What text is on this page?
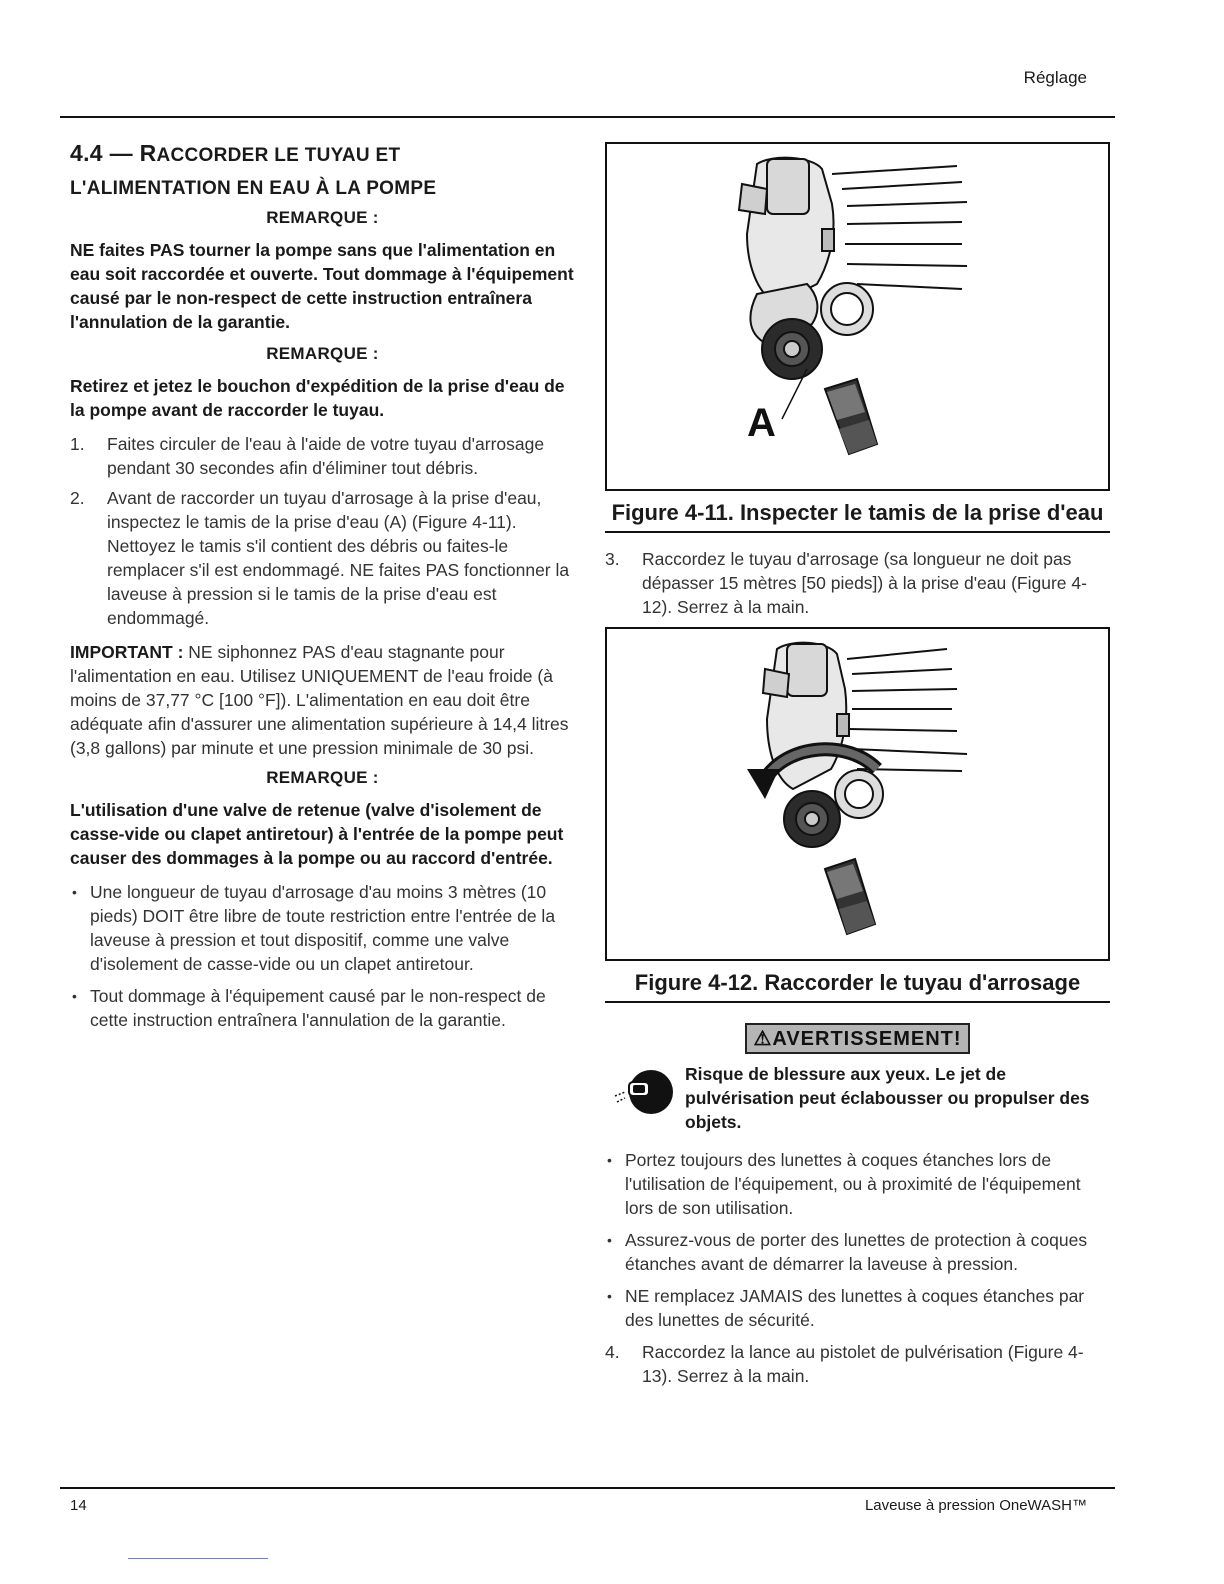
Réglage
4.4 — RACCORDER LE TUYAU ET
L'ALIMENTATION EN EAU À LA POMPE
REMARQUE :

NE faites PAS tourner la pompe sans que l'alimentation en eau soit raccordée et ouverte. Tout dommage à l'équipement causé par le non-respect de cette instruction entraînera l'annulation de la garantie.

REMARQUE :

Retirez et jetez le bouchon d'expédition de la prise d'eau de la pompe avant de raccorder le tuyau.

1. Faites circuler de l'eau à l'aide de votre tuyau d'arrosage pendant 30 secondes afin d'éliminer tout débris.
2. Avant de raccorder un tuyau d'arrosage à la prise d'eau, inspectez le tamis de la prise d'eau (A) (Figure 4-11). Nettoyez le tamis s'il contient des débris ou faites-le remplacer s'il est endommagé. NE faites PAS fonctionner la laveuse à pression si le tamis de la prise d'eau est endommagé.

IMPORTANT : NE siphonnez PAS d'eau stagnante pour l'alimentation en eau. Utilisez UNIQUEMENT de l'eau froide (à moins de 37,77 °C [100 °F]). L'alimentation en eau doit être adéquate afin d'assurer une alimentation supérieure à 14,4 litres (3,8 gallons) par minute et une pression minimale de 30 psi.

REMARQUE :

L'utilisation d'une valve de retenue (valve d'isolement de casse-vide ou clapet antiretour) à l'entrée de la pompe peut causer des dommages à la pompe ou au raccord d'entrée.

• Une longueur de tuyau d'arrosage d'au moins 3 mètres (10 pieds) DOIT être libre de toute restriction entre l'entrée de la laveuse à pression et tout dispositif, comme une valve d'isolement de casse-vide ou un clapet antiretour.
• Tout dommage à l'équipement causé par le non-respect de cette instruction entraînera l'annulation de la garantie.
A
Figure 4-11. Inspecter le tamis de la prise d'eau
3. Raccordez le tuyau d'arrosage (sa longueur ne doit pas dépasser 15 mètres [50 pieds]) à la prise d'eau (Figure 4-12). Serrez à la main.
Figure 4-12. Raccorder le tuyau d'arrosage
⚠AVERTISSEMENT!
Risque de blessure aux yeux. Le jet de pulvérisation peut éclabousser ou propulser des objets.
• Portez toujours des lunettes à coques étanches lors de l'utilisation de l'équipement, ou à proximité de l'équipement lors de son utilisation.
• Assurez-vous de porter des lunettes de protection à coques étanches avant de démarrer la laveuse à pression.
• NE remplacez JAMAIS des lunettes à coques étanches par des lunettes de sécurité.
4. Raccordez la lance au pistolet de pulvérisation (Figure 4-13). Serrez à la main.
14	Laveuse à pression OneWASH™
